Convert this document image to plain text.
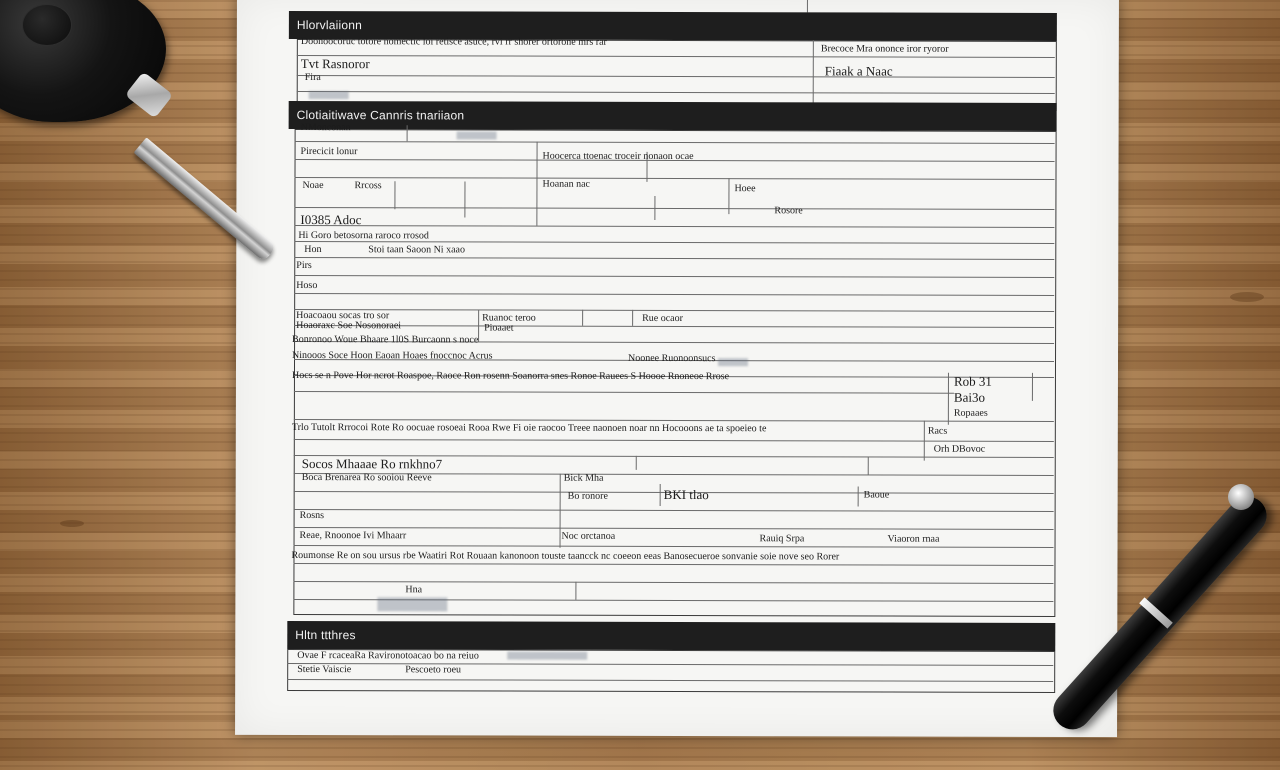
Hlorvlaiionn
Doonoocoruc totore nomectic loi retisce asuce, rvi rr shorer ortorone mrs rar
Brecoce Mra ononce iror ryoror
Tvt Rasnoror	Fiaak a Naac
Fira
Clotiaitiwave Cannris tnariiaon
NMonconan
Pirecicit lonur	Hoocerca ttoenac troceir nonaon ocae
Noae	Rrcoss	Hoanan nac	Hoee
Rosore
I0385 Adoc
Hi Goro betosorna raroco rrosod
Hon	Stoi taan Saoon Ni xaao
Pirs
Hoso
Hoacoaou socas tro sor	Ruanoc teroo	Rue ocaor
Hoaoraxc Soe Nosonoraei	Pioaaet
Bonronoo Woue Bhaare 1l0S Burcaonn s noce
Ninooos Soce Hoon Eaoan Hoaes fnoccnoc Acrus	Noonee Ruonoonsucs
Hocs se n Pove Hor ncrot Roaspoe, Raoce Ron rosenn Soanorra snes Ronoe Rauees S Hoooe Rnoneoe Rrose	Rob 31
Bai3o
Ropaaes
Trlo Tutolt Rrrocoi Rote Ro oocuae rosoeai Rooa Rwe Fi oie raocoo Treee naonoen noar nn Hocooons ae ta spoeieo te	Racs
Orh DBovoc
Socos Mhaaae Ro rnkhno7
Boca Brenarea Ro sooiou Reeve	Bick Mha
Bo ronore	BKI tlao	Baoue
Rosns
Reae, Rnoonoe Ivi Mhaarr	Noc orctanoa	Rauiq Srpa	Viaoron rnaa
Roumonse Re on sou ursus rbe Waatiri Rot Rouaan kanonoon touste taancck nc coeeon eeas Banosecueroe sonvanie soie nove seo Rorer
Hna
Hltn ttthres
Ovae F rcaceaRa Ravironotoacao bo na reiuo
Stetie Vaiscie	Pescoeto roeu
